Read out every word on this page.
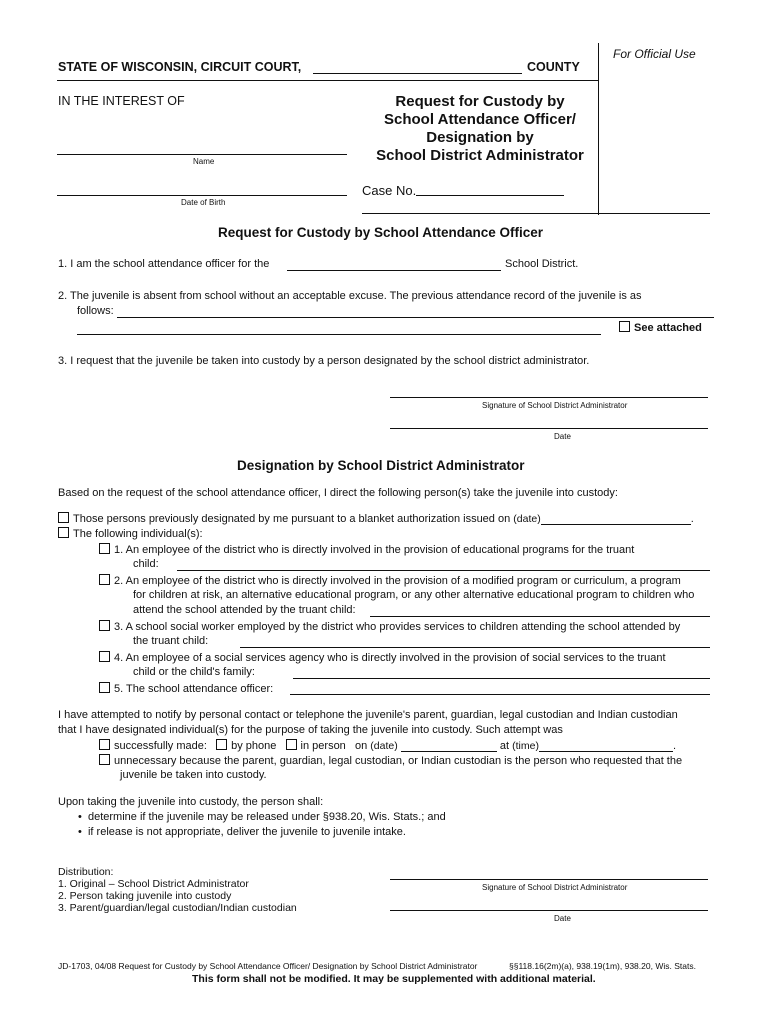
For Official Use
STATE OF WISCONSIN, CIRCUIT COURT,	COUNTY
IN THE INTEREST OF
Name
Date of Birth
Request for Custody by
School Attendance Officer/
Designation by
School District Administrator
Case No.
Request for Custody by School Attendance Officer
1. I am the school attendance officer for the	School District.
2. The juvenile is absent from school without an acceptable excuse. The previous attendance record of the juvenile is as
follows:
See attached
3. I request that the juvenile be taken into custody by a person designated by the school district administrator.
Signature of School District Administrator
Date
Designation by School District Administrator
Based on the request of the school attendance officer, I direct the following person(s) take the juvenile into custody:
Those persons previously designated by me pursuant to a blanket authorization issued on (date)	.
The following individual(s):
1. An employee of the district who is directly involved in the provision of educational programs for the truant
child:
2. An employee of the district who is directly involved in the provision of a modified program or curriculum, a program
for children at risk, an alternative educational program, or any other alternative educational program to children who
attend the school attended by the truant child:
3. A school social worker employed by the district who provides services to children attending the school attended by
the truant child:
4. An employee of a social services agency who is directly involved in the provision of social services to the truant
child or the child's family:
5. The school attendance officer:
I have attempted to notify by personal contact or telephone the juvenile's parent, guardian, legal custodian and Indian custodian
that I have designated individual(s) for the purpose of taking the juvenile into custody. Such attempt was
successfully made: by phone in person on (date)	at (time)	.
unnecessary because the parent, guardian, legal custodian, or Indian custodian is the person who requested that the
juvenile be taken into custody.
Upon taking the juvenile into custody, the person shall:
• determine if the juvenile may be released under §938.20, Wis. Stats.; and
• if release is not appropriate, deliver the juvenile to juvenile intake.
Distribution:
1. Original – School District Administrator
2. Person taking juvenile into custody
3. Parent/guardian/legal custodian/Indian custodian
Signature of School District Administrator
Date
JD-1703, 04/08 Request for Custody by School Attendance Officer/ Designation by School District Administrator	§§118.16(2m)(a), 938.19(1m), 938.20, Wis. Stats.
This form shall not be modified. It may be supplemented with additional material.
